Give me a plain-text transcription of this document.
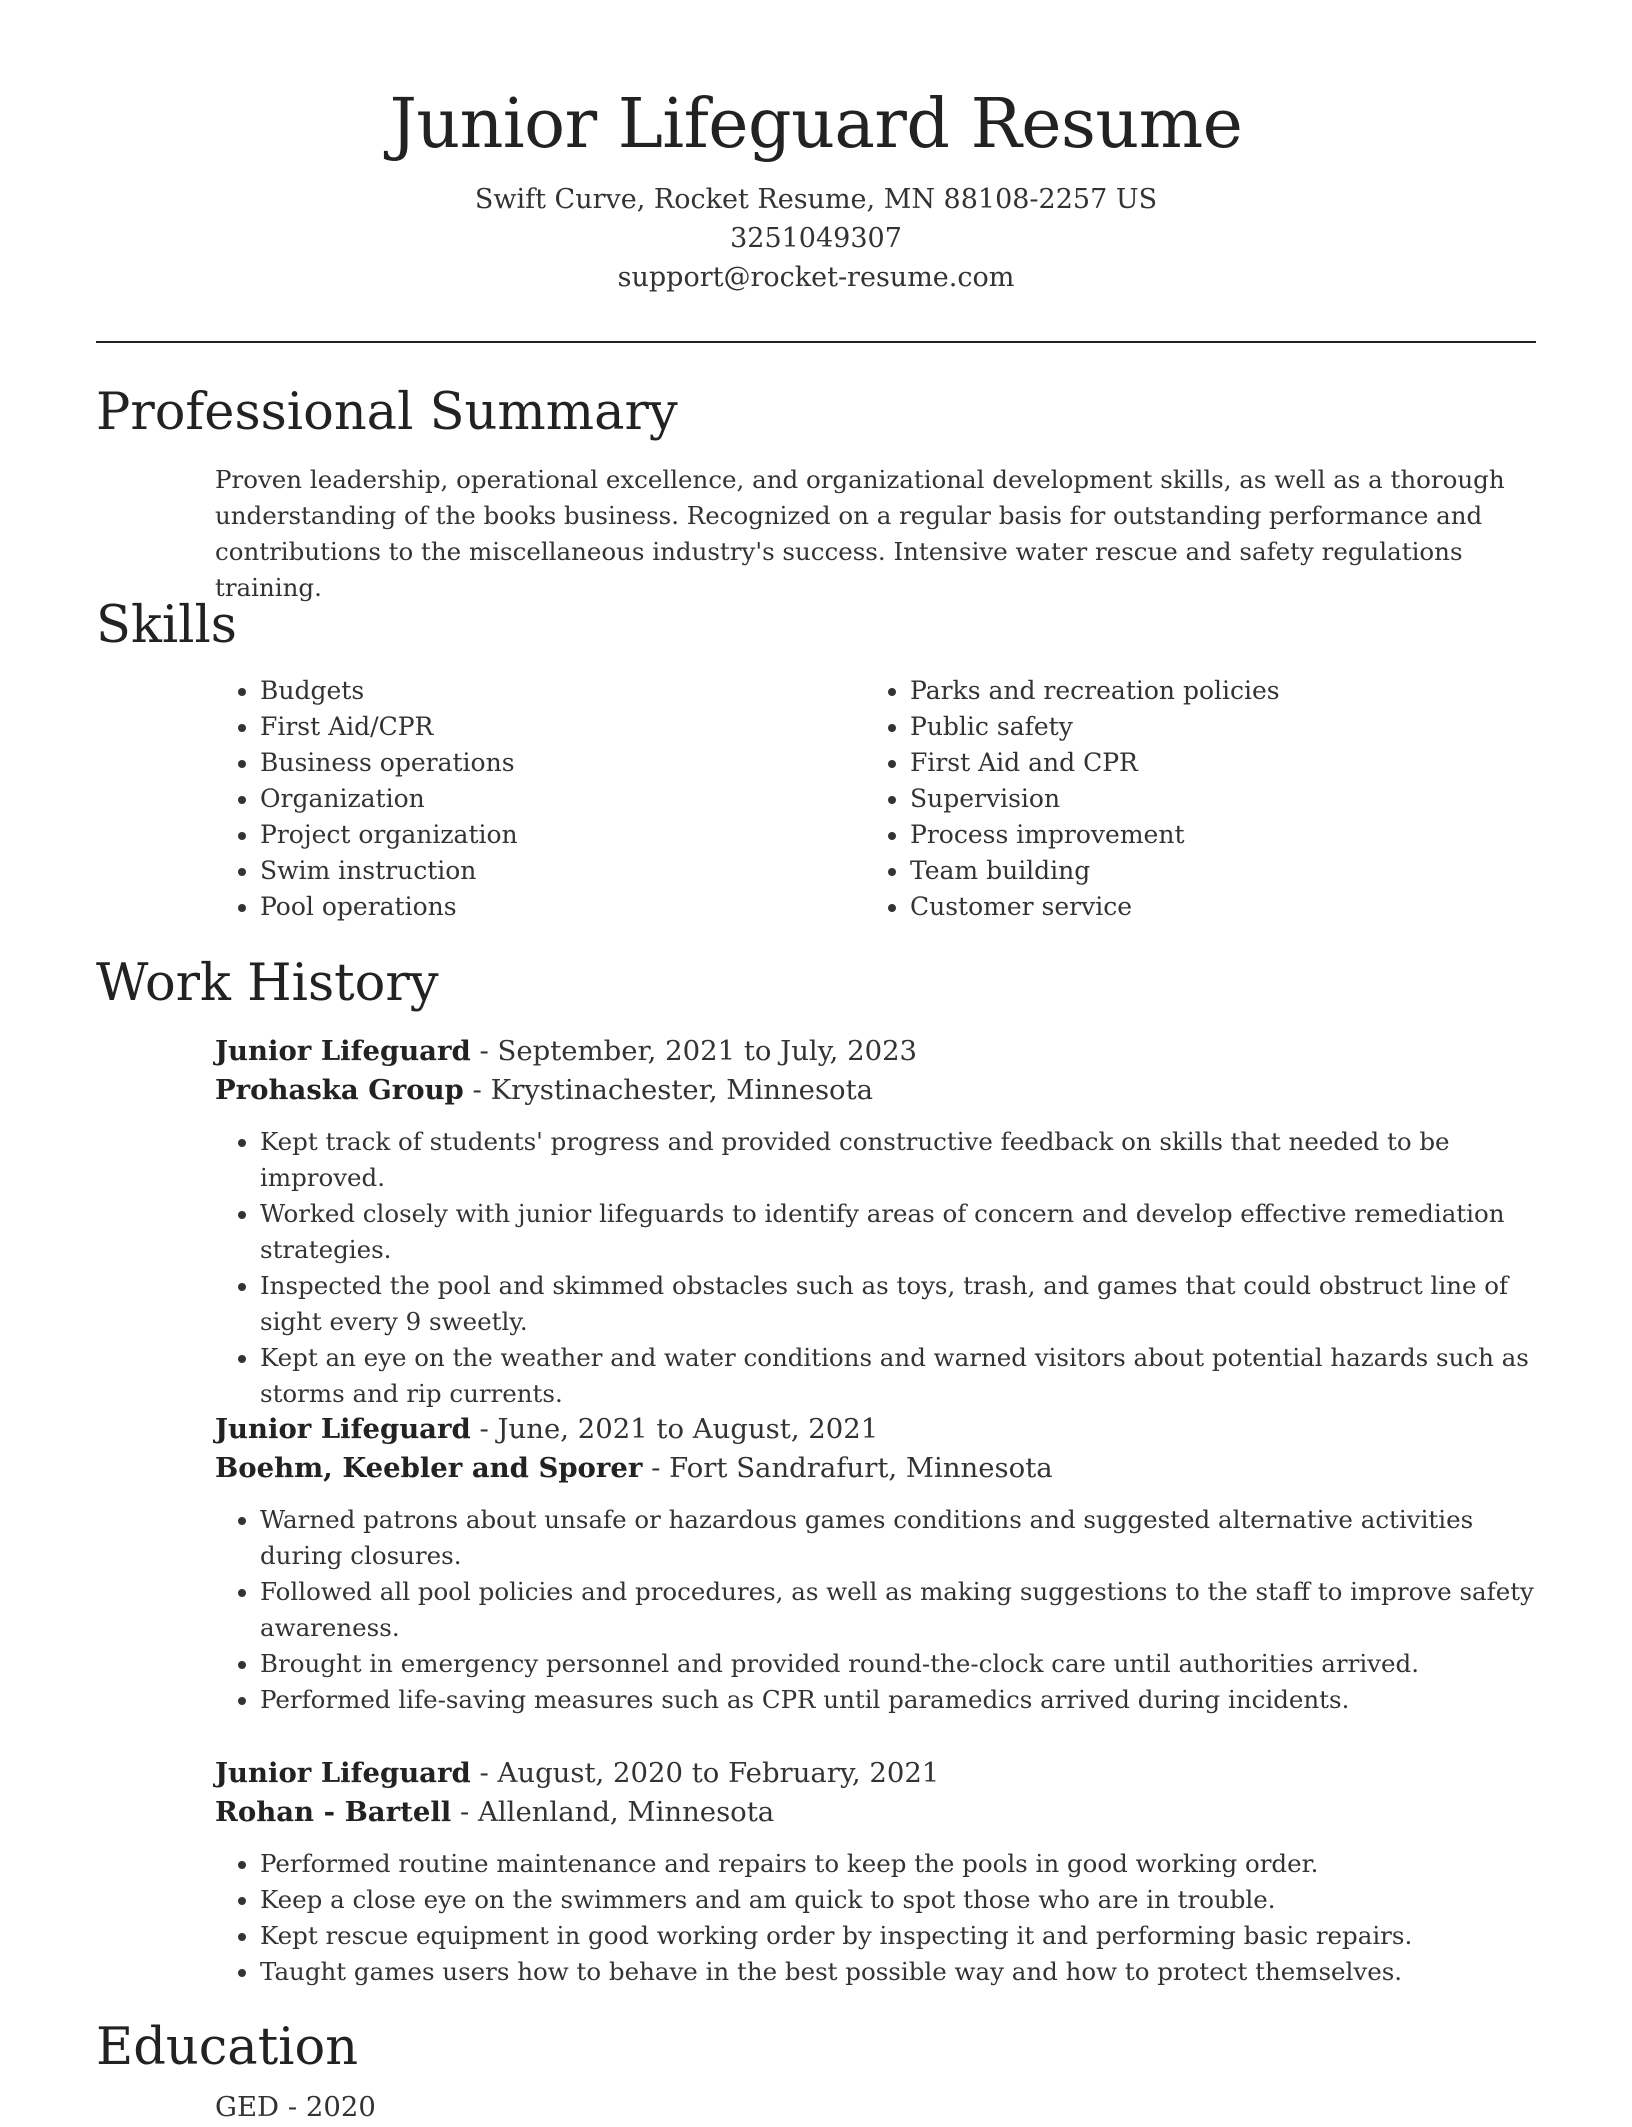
Junior Lifeguard Resume
Swift Curve, Rocket Resume, MN 88108-2257 US
3251049307
support@rocket-resume.com
Professional Summary
Proven leadership, operational excellence, and organizational development skills, as well as a thorough understanding of the books business. Recognized on a regular basis for outstanding performance and contributions to the miscellaneous industry's success. Intensive water rescue and safety regulations training.
Skills
• Budgets
• First Aid/CPR
• Business operations
• Organization
• Project organization
• Swim instruction
• Pool operations
• Parks and recreation policies
• Public safety
• First Aid and CPR
• Supervision
• Process improvement
• Team building
• Customer service
Work History
Junior Lifeguard - September, 2021 to July, 2023
Prohaska Group - Krystinachester, Minnesota
• Kept track of students' progress and provided constructive feedback on skills that needed to be improved.
• Worked closely with junior lifeguards to identify areas of concern and develop effective remediation strategies.
• Inspected the pool and skimmed obstacles such as toys, trash, and games that could obstruct line of sight every 9 sweetly.
• Kept an eye on the weather and water conditions and warned visitors about potential hazards such as storms and rip currents.
Junior Lifeguard - June, 2021 to August, 2021
Boehm, Keebler and Sporer - Fort Sandrafurt, Minnesota
• Warned patrons about unsafe or hazardous games conditions and suggested alternative activities during closures.
• Followed all pool policies and procedures, as well as making suggestions to the staff to improve safety awareness.
• Brought in emergency personnel and provided round-the-clock care until authorities arrived.
• Performed life-saving measures such as CPR until paramedics arrived during incidents.
Junior Lifeguard - August, 2020 to February, 2021
Rohan - Bartell - Allenland, Minnesota
• Performed routine maintenance and repairs to keep the pools in good working order.
• Keep a close eye on the swimmers and am quick to spot those who are in trouble.
• Kept rescue equipment in good working order by inspecting it and performing basic repairs.
• Taught games users how to behave in the best possible way and how to protect themselves.
Education
GED - 2020
